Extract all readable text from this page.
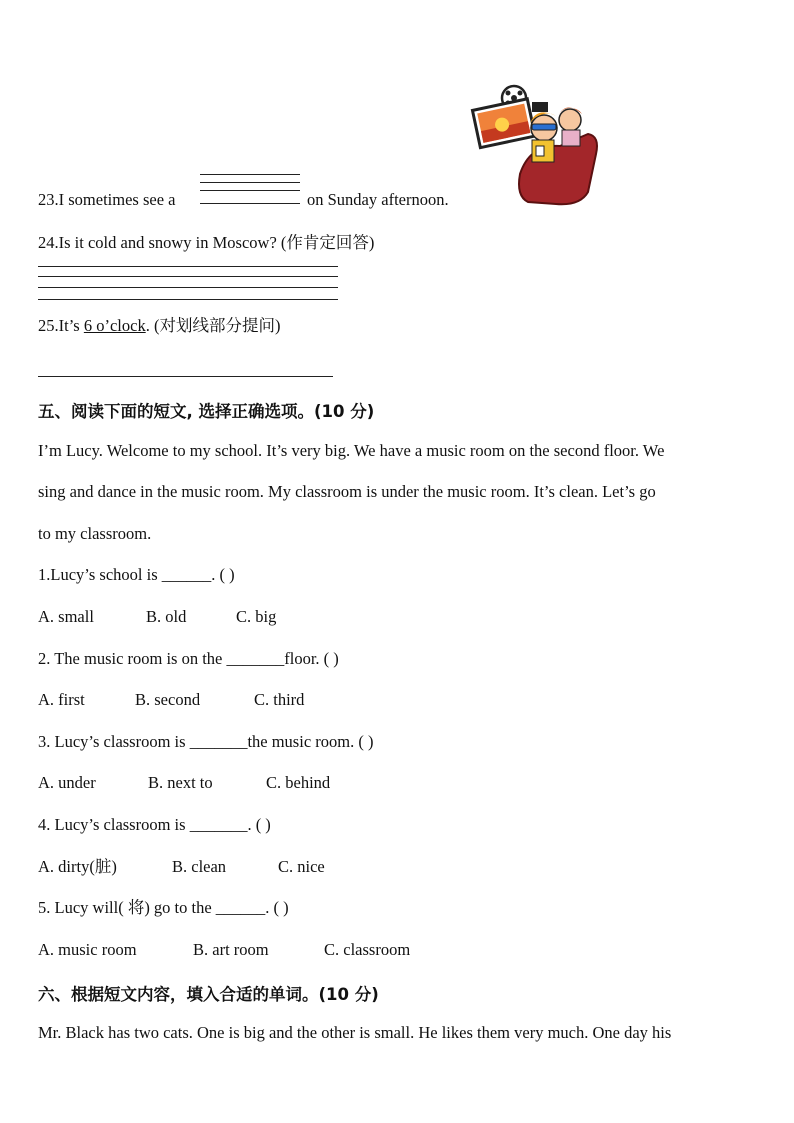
23.I sometimes see a	on Sunday afternoon.
24.Is it cold and snowy in Moscow? (作肯定回答)
25.It’s 6 o’clock. (对划线部分提问)
五、阅读下面的短文, 选择正确选项。(10 分)
I’m Lucy. Welcome to my school. It’s very big. We have a music room on the second floor. We
sing and dance in the music room. My classroom is under the music room. It’s clean. Let’s go
to my classroom.
1.Lucy’s school is ______. ( )
A. small	B. old	C. big
2. The music room is on the _______floor. ( )
A. first	B. second	C. third
3. Lucy’s classroom is _______the music room. ( )
A. under	B. next to	C. behind
4. Lucy’s classroom is _______. ( )
A. dirty(脏)	B. clean	C. nice
5. Lucy will( 将) go to the ______. ( )
A. music room	B. art room	C. classroom
六、根据短文内容，填入合适的单词。(10 分)
Mr. Black has two cats. One is big and the other is small. He likes them very much. One day his
